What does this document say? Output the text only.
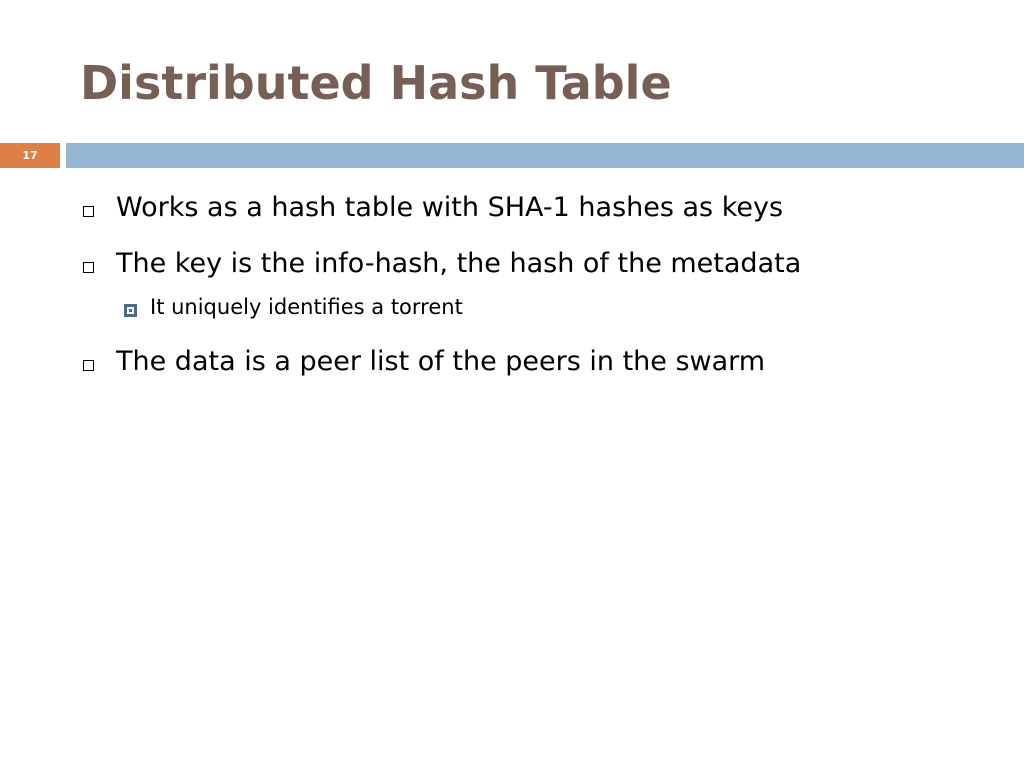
Distributed Hash Table
17
Works as a hash table with SHA-1 hashes as keys
The key is the info-hash, the hash of the metadata
It uniquely identifies a torrent
The data is a peer list of the peers in the swarm
